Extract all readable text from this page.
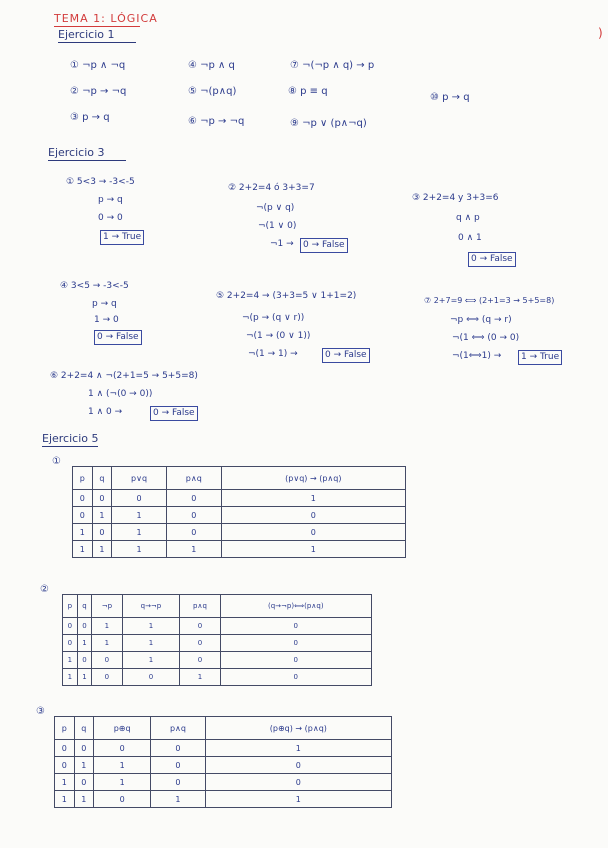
TEMA 1: LÓGICA
)
Ejercicio 1
① ¬p ∧ ¬q	④ ¬p ∧ q	⑦ ¬(¬p ∧ q) → p
② ¬p → ¬q	⑤ ¬(p∧q)	⑧ p ≡ q
⑩ p → q
③ p → q	⑥ ¬p → ¬q	⑨ ¬p ∨ (p∧¬q)
Ejercicio 3
① 5<3 → -3<-5
p → q
0 → 0
1 → True
② 2+2=4 ó 3+3=7
¬(p ∨ q)
¬(1 ∨ 0)
¬1 →	0 → False
③ 2+2=4 y 3+3=6
q ∧ p
0 ∧ 1
0 → False
④ 3<5 → -3<-5
p → q
1 → 0
0 → False
⑤ 2+2=4 → (3+3=5 ∨ 1+1=2)
¬(p → (q ∨ r))
¬(1 → (0 ∨ 1))
¬(1 → 1) →	0 → False
⑦ 2+7=9 ⟺ (2+1=3 → 5+5=8)
¬p ⟺ (q → r)
¬(1 ⟺ (0 → 0)
¬(1⟺1) →	1 → True
⑥ 2+2=4 ∧ ¬(2+1=5 → 5+5=8)
1 ∧ (¬(0 → 0))
1 ∧ 0 →	0 → False
Ejercicio 5
①
p	q	p∨q	p∧q	(p∨q) → (p∧q)
0	0	0	0	1
0	1	1	0	0
1	0	1	0	0
1	1	1	1	1
②
p	q	¬p	q→¬p	p∧q	(q→¬p)⟺(p∧q)
0	0	1	1	0	0
0	1	1	1	0	0
1	0	0	1	0	0
1	1	0	0	1	0
③
p	q	p⊕q	p∧q	(p⊕q) → (p∧q)
0	0	0	0	1
0	1	1	0	0
1	0	1	0	0
1	1	0	1	1
